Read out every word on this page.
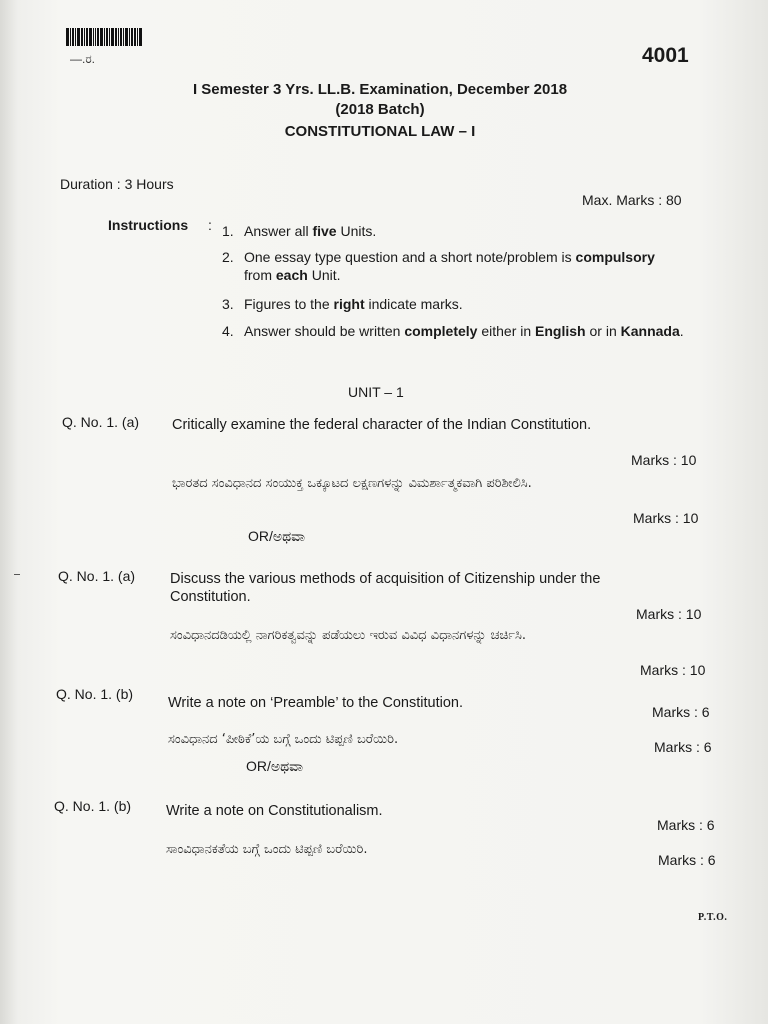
—.ರ.	4001
I Semester 3 Yrs. LL.B. Examination, December 2018
(2018 Batch)
CONSTITUTIONAL LAW – I
Duration : 3 Hours
Max. Marks : 80
Instructions : 1. Answer all five Units.
2. One essay type question and a short note/problem is compulsory from each Unit.
3. Figures to the right indicate marks.
4. Answer should be written completely either in English or in Kannada.
UNIT – 1
Q. No. 1. (a) Critically examine the federal character of the Indian Constitution.
Marks : 10
ಭಾರತದ ಸಂವಿಧಾನದ ಸಂಯುಕ್ತ ಒಕ್ಕೂಟದ ಲಕ್ಷಣಗಳನ್ನು ವಿಮರ್ಶಾತ್ಮಕವಾಗಿ ಪರಿಶೀಲಿಸಿ.
Marks : 10
OR/ಅಥವಾ
Q. No. 1. (a) Discuss the various methods of acquisition of Citizenship under the Constitution.
Marks : 10
ಸಂವಿಧಾನದಡಿಯಲ್ಲಿ ನಾಗರಿಕತ್ವವನ್ನು ಪಡೆಯಲು ಇರುವ ವಿವಿಧ ವಿಧಾನಗಳನ್ನು ಚರ್ಚಿಸಿ.
Marks : 10
Q. No. 1. (b)
Write a note on ‘Preamble’ to the Constitution.
Marks : 6
ಸಂವಿಧಾನದ ‘ಪೀಠಿಕೆ’ಯ ಬಗ್ಗೆ ಒಂದು ಟಿಪ್ಪಣಿ ಬರೆಯಿರಿ.	Marks : 6
OR/ಅಥವಾ
Q. No. 1. (b) Write a note on Constitutionalism.
Marks : 6
ಸಾಂವಿಧಾನಕತೆಯ ಬಗ್ಗೆ ಒಂದು ಟಿಪ್ಪಣಿ ಬರೆಯಿರಿ.
Marks : 6
P.T.O.
